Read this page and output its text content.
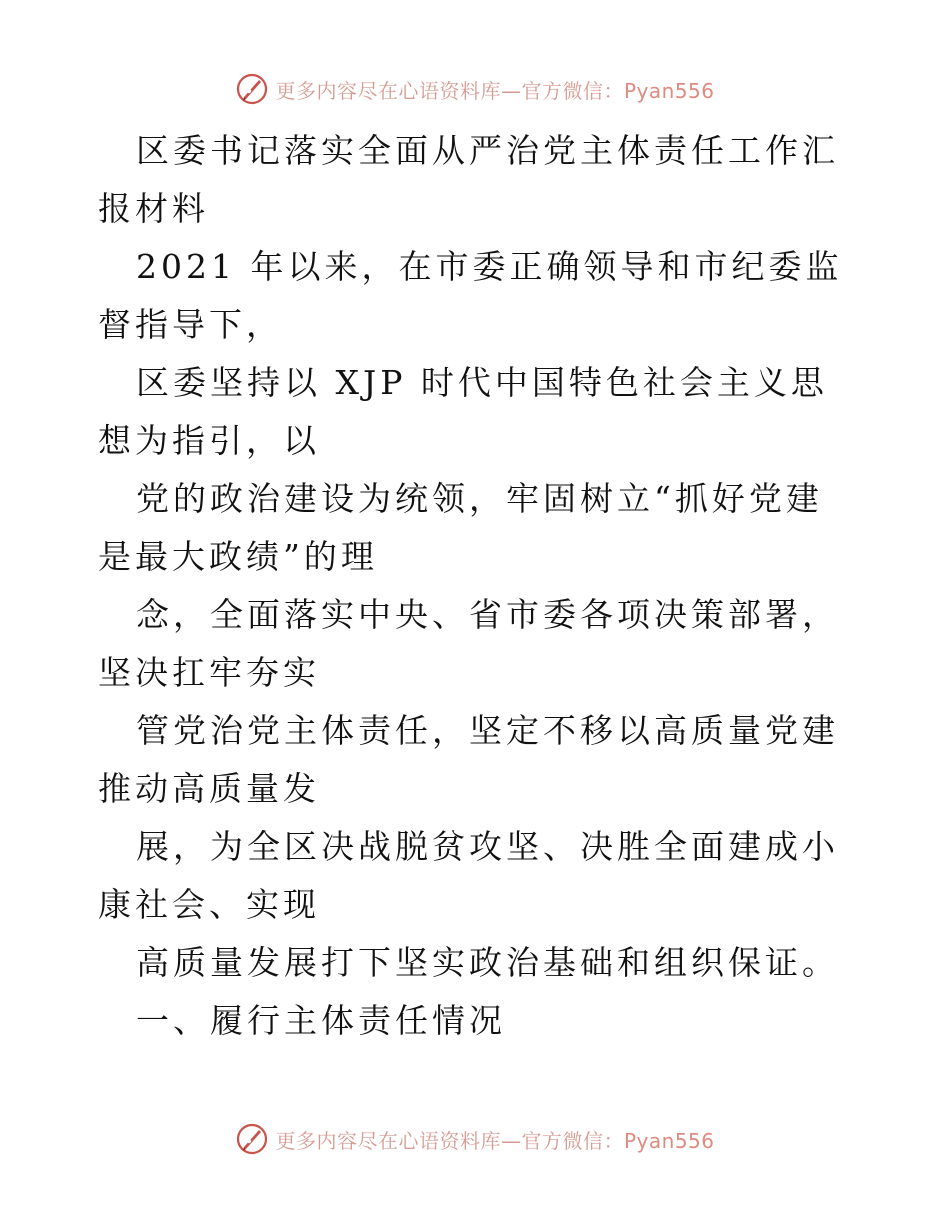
更多内容尽在心语资料库—官方微信：Pyan556

区委书记落实全面从严治党主体责任工作汇报材料

2021 年以来，在市委正确领导和市纪委监督指导下，

区委坚持以 XJP 时代中国特色社会主义思想为指引，以

党的政治建设为统领，牢固树立“抓好党建是最大政绩”的理

念，全面落实中央、省市委各项决策部署，坚决扛牢夯实

管党治党主体责任，坚定不移以高质量党建推动高质量发

展，为全区决战脱贫攻坚、决胜全面建成小康社会、实现

高质量发展打下坚实政治基础和组织保证。

一、履行主体责任情况

更多内容尽在心语资料库—官方微信：Pyan556
